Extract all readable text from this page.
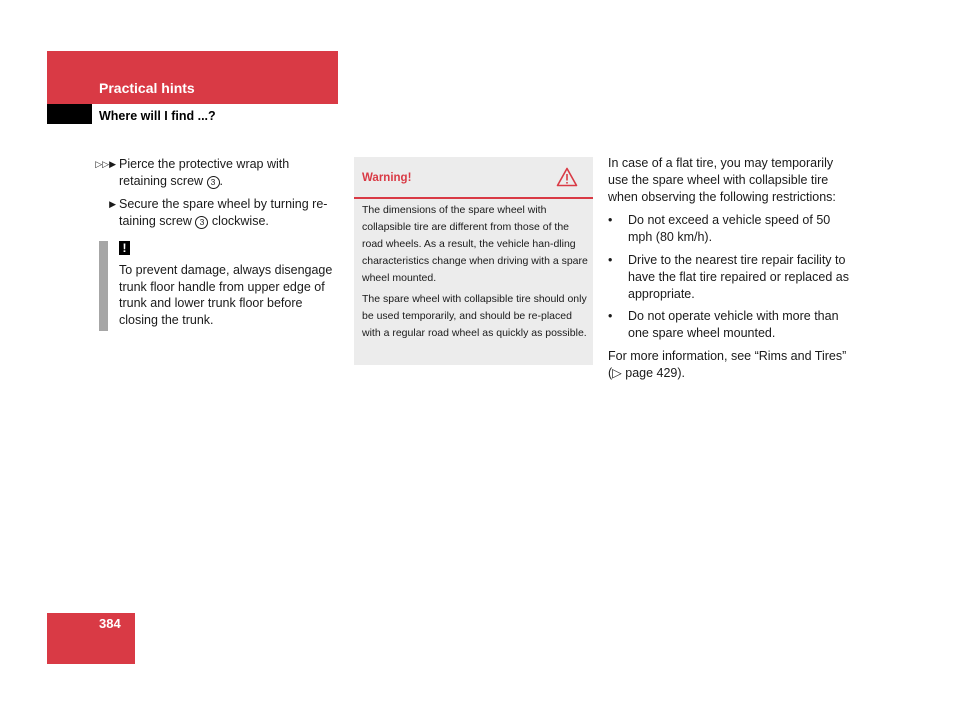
Practical hints
Where will I find ...?
▷▷▶ Pierce the protective wrap with retaining screw 3 .
▶ Secure the spare wheel by turning re-taining screw 3 clockwise.
!
To prevent damage, always disengage trunk floor handle from upper edge of trunk and lower trunk floor before closing the trunk.
Warning!

The dimensions of the spare wheel with collapsible tire are different from those of the road wheels. As a result, the vehicle han-dling characteristics change when driving with a spare wheel mounted.

The spare wheel with collapsible tire should only be used temporarily, and should be re-placed with a regular road wheel as quickly as possible.

In case of a flat tire, you may temporarily use the spare wheel with collapsible tire when observing the following restrictions:

• Do not exceed a vehicle speed of 50 mph (80 km/h).
• Drive to the nearest tire repair facility to have the flat tire repaired or replaced as appropriate.
• Do not operate vehicle with more than one spare wheel mounted.

For more information, see “Rims and Tires” (▷ page 429).

384
